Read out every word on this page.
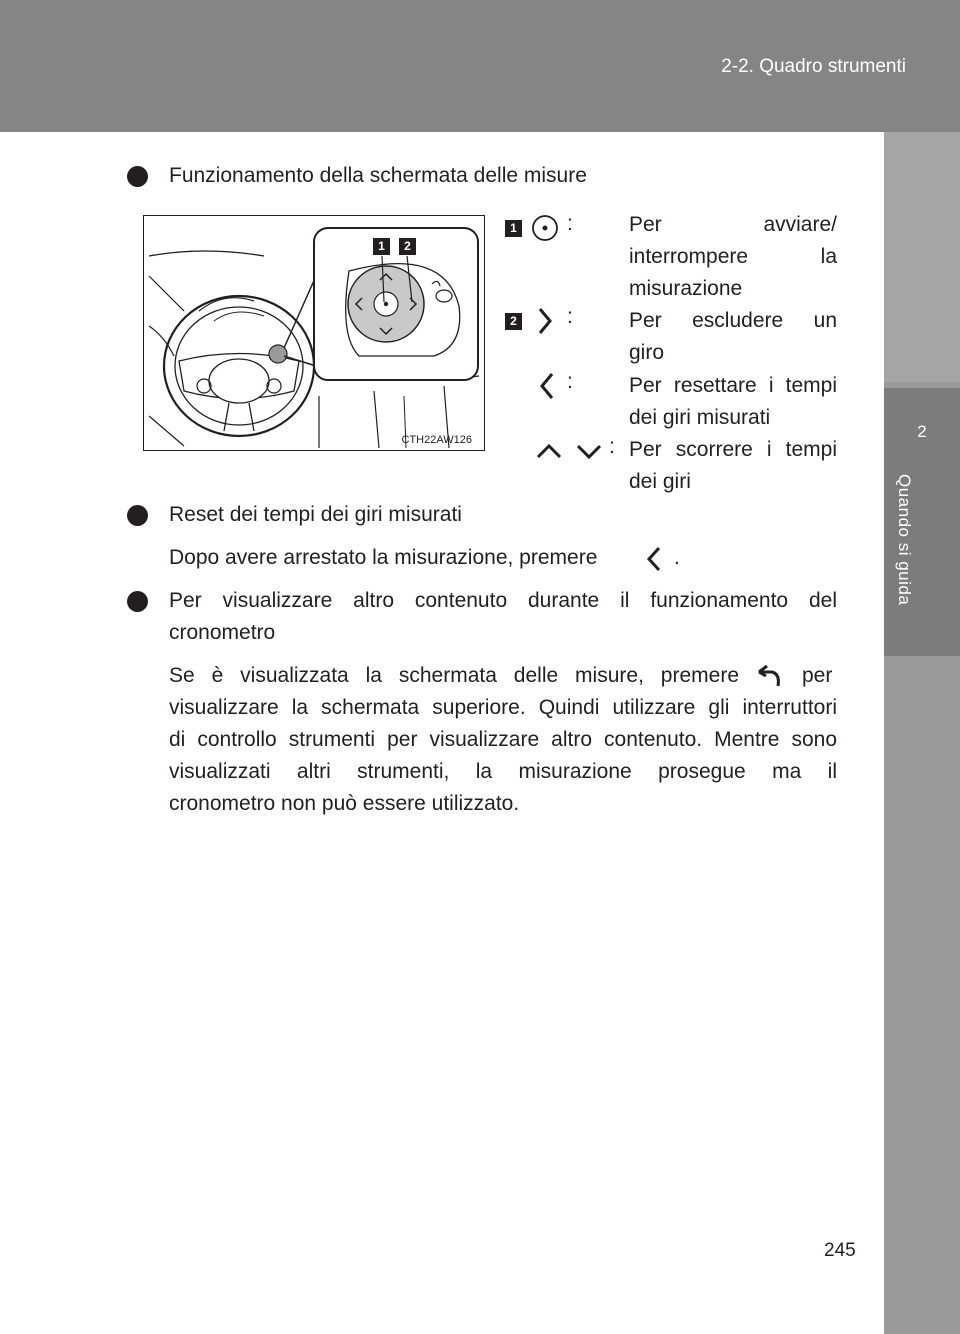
2-2. Quadro strumenti
2
Quando si guida
Funzionamento della schermata delle misure
1	2
CTH22AW126
1 :	Per avviare/
interrompere la
misurazione
2 :	Per escludere un
giro
:	Per resettare i tempi
dei giri misurati
: Per scorrere i tempi
dei giri
Reset dei tempi dei giri misurati
Dopo avere arrestato la misurazione, premere	.
Per visualizzare altro contenuto durante il funzionamento del
cronometro
Se è visualizzata la schermata delle misure, premere	per
visualizzare la schermata superiore. Quindi utilizzare gli interruttori
di controllo strumenti per visualizzare altro contenuto. Mentre sono
visualizzati altri strumenti, la misurazione prosegue ma il
cronometro non può essere utilizzato.
245
